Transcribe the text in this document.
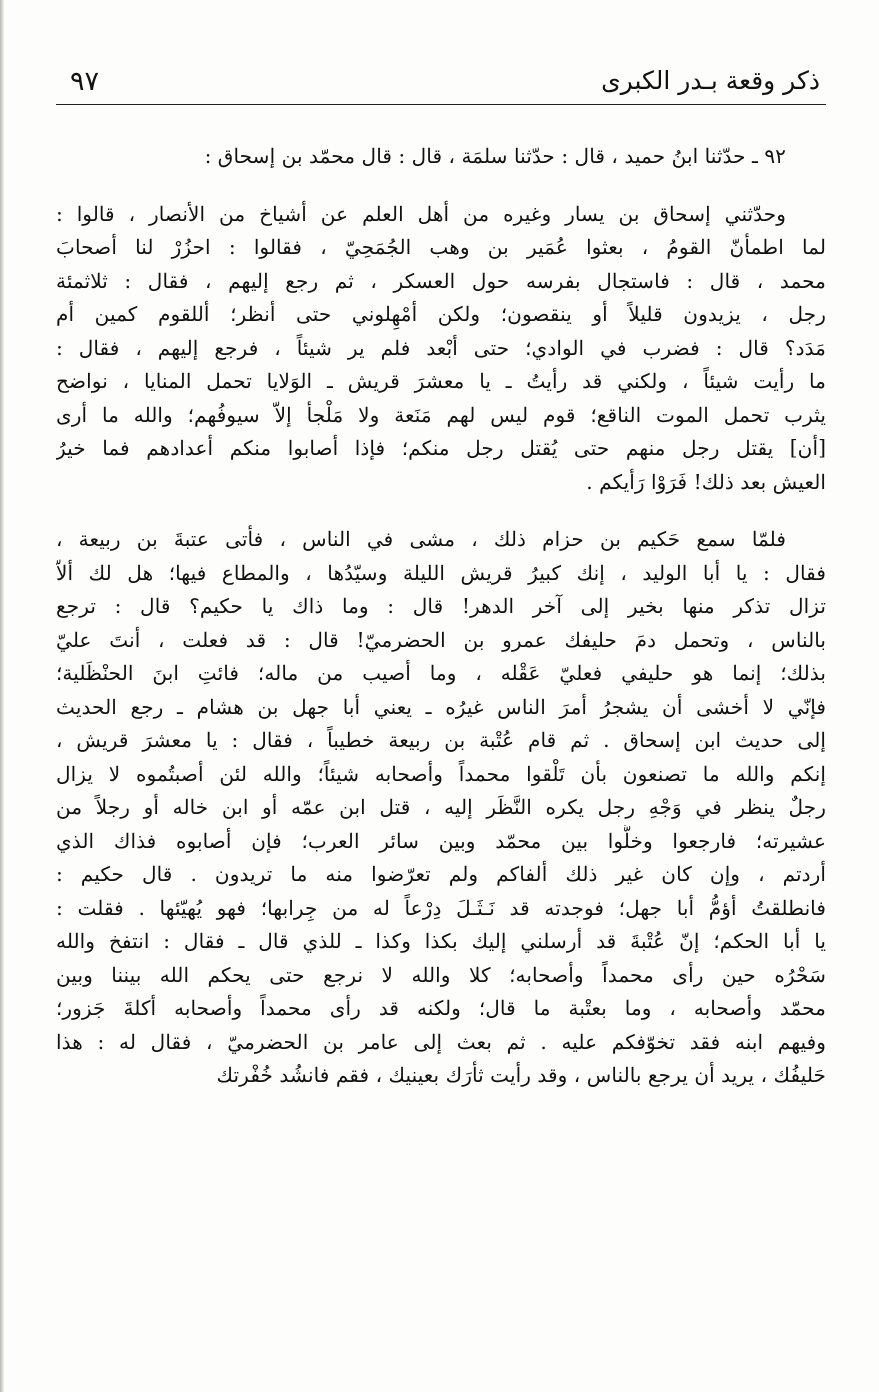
ذكر وقعة بـدر الكبرى
٩٧
٩٢ ـ حدّثنا ابنُ حميد ، قال : حدّثنا سلمَة ، قال : قال محمّد بن إسحاق :
وحدّثني إسحاق بن يسار وغيره من أهل العلم عن أشياخ من الأنصار ، قالوا :
لما اطمأنّ القومُ ، بعثوا عُمَير بن وهب الجُمَحِيّ ، فقالوا : احزُرْ لنا أصحابَ
محمد ، قال : فاستجال بفرسه حول العسكر ، ثم رجع إليهم ، فقال : ثلاثمئة
رجل ، يزيدون قليلاً أو ينقصون؛ ولكن أمْهِلوني حتى أنظر؛ أللقوم كمين أم
مَدَد؟ قال : فضرب في الوادي؛ حتى أبْعد فلم ير شيئاً ، فرجع إليهم ، فقال :
ما رأيت شيئاً ، ولكني قد رأيتُ ـ يا معشرَ قريش ـ الوَلايا تحمل المنايا ، نواضح
يثرب تحمل الموت الناقع؛ قوم ليس لهم مَنَعة ولا مَلْجأ إلاّ سيوفُهم؛ والله ما أرى
[أن] يقتل رجل منهم حتى يُقتل رجل منكم؛ فإذا أصابوا منكم أعدادهم فما خيرُ
العيش بعد ذلك! فَرَوْا رَأيكم .
فلمّا سمع حَكيم بن حزام ذلك ، مشى في الناس ، فأتى عتبةَ بن ربيعة ،
فقال : يا أبا الوليد ، إنك كبيرُ قريش الليلة وسيّدُها ، والمطاع فيها؛ هل لك ألاّ
تزال تذكر منها بخير إلى آخر الدهر! قال : وما ذاك يا حكيم؟ قال : ترجع
بالناس ، وتحمل دمَ حليفك عمرو بن الحضرميّ! قال : قد فعلت ، أنتَ عليّ
بذلك؛ إنما هو حليفي فعليّ عَقْله ، وما أصيب من ماله؛ فائتِ ابنَ الحنْظَلية؛
فإنّي لا أخشى أن يشجرُ أمرَ الناس غيرُه ـ يعني أبا جهل بن هشام ـ رجع الحديث
إلى حديث ابن إسحاق . ثم قام عُتْبة بن ربيعة خطيباً ، فقال : يا معشرَ قريش ،
إنكم والله ما تصنعون بأن تَلْقوا محمداً وأصحابه شيئاً؛ والله لئن أصبتُموه لا يزال
رجلٌ ينظر في وَجْهِ رجل يكره النَّظَر إليه ، قتل ابن عمّه أو ابن خاله أو رجلاً من
عشيرته؛ فارجعوا وخلُّوا بين محمّد وبين سائر العرب؛ فإن أصابوه فذاك الذي
أردتم ، وإن كان غير ذلك ألفاكم ولم تعرّضوا منه ما تريدون . قال حكيم :
فانطلقتُ أؤمُّ أبا جهل؛ فوجدته قد نَـثَـلَ دِرْعاً له من جِرابها؛ فهو يُهيّئها . فقلت :
يا أبا الحكم؛ إنّ عُتْبةَ قد أرسلني إليك بكذا وكذا ـ للذي قال ـ فقال : انتفخ والله
سَحْرُه حين رأى محمداً وأصحابه؛ كلا والله لا نرجع حتى يحكم الله بيننا وبين
محمّد وأصحابه ، وما بعتْبة ما قال؛ ولكنه قد رأى محمداً وأصحابه أكلةَ جَزور؛
وفيهم ابنه فقد تخوّفكم عليه . ثم بعث إلى عامر بن الحضرميّ ، فقال له : هذا
حَليفُك ، يريد أن يرجع بالناس ، وقد رأيت ثأرَك بعينيك ، فقم فانشُد خُفْرتك
